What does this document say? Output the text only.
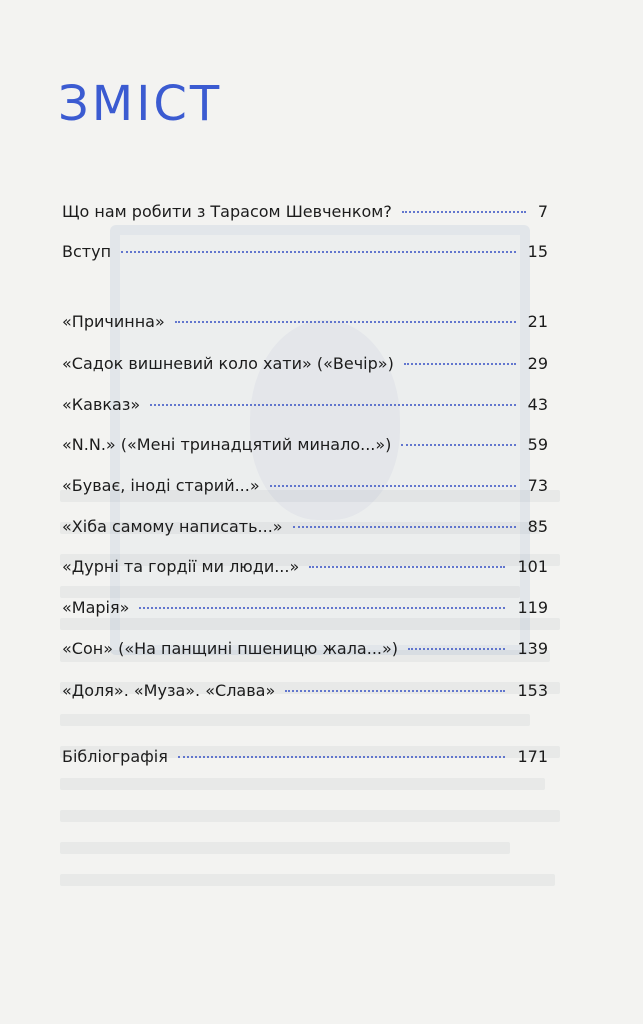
ЗМІСТ
Що нам робити з Тарасом Шевченком?	7
Вступ	15
«Причинна»	21
«Садок вишневий коло хати» («Вечір»)	29
«Кавказ»	43
«N.N.» («Мені тринадцятий минало...»)	59
«Буває, іноді старий...»	73
«Хіба самому написать...»	85
«Дурні та гордії ми люди...»	101
«Марія»	119
«Сон» («На панщині пшеницю жала...»)	139
«Доля». «Муза». «Слава»	153
Бібліографія	171
